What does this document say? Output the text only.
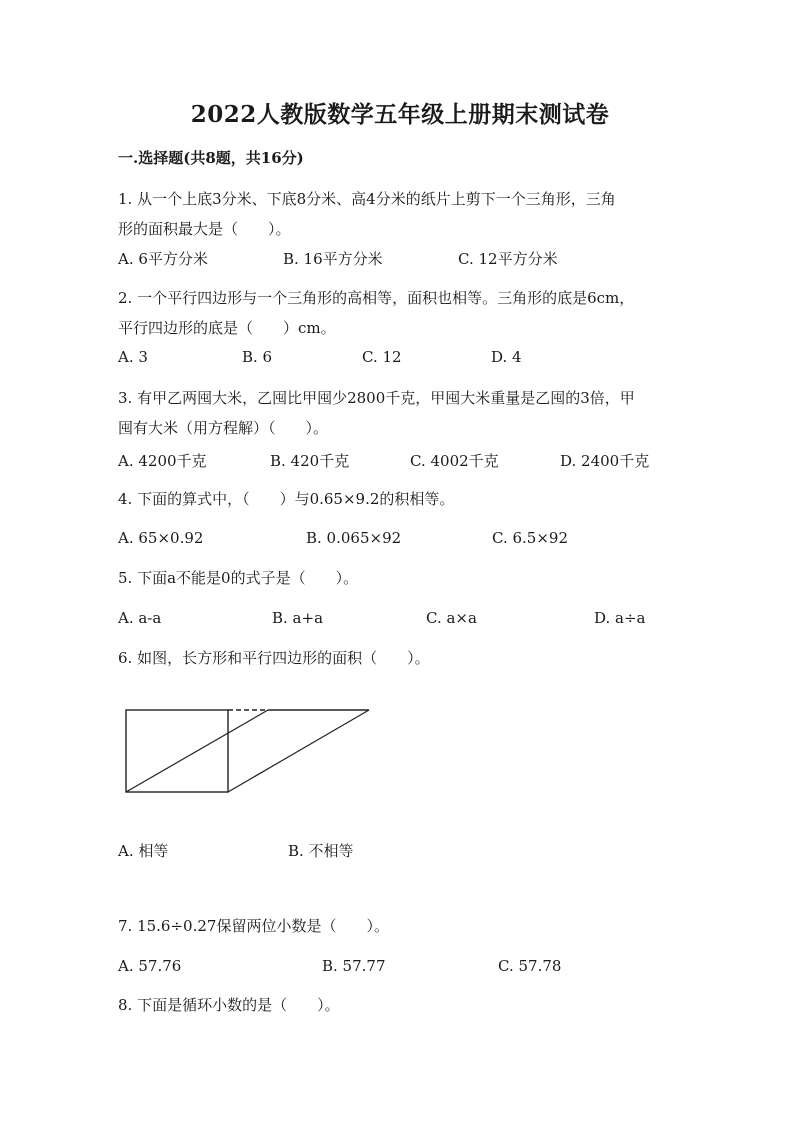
2022人教版数学五年级上册期末测试卷
一.选择题(共8题，共16分)
1. 从一个上底3分米、下底8分米、高4分米的纸片上剪下一个三角形，三角
形的面积最大是（　　）。
A. 6平方分米	B. 16平方分米	C. 12平方分米
2. 一个平行四边形与一个三角形的高相等，面积也相等。三角形的底是6cm，
平行四边形的底是（　　）cm。
A. 3	B. 6	C. 12	D. 4
3. 有甲乙两囤大米，乙囤比甲囤少2800千克，甲囤大米重量是乙囤的3倍，甲
囤有大米（用方程解）（　　）。
A. 4200千克	B. 420千克	C. 4002千克	D. 2400千克
4. 下面的算式中，（　　）与0.65×9.2的积相等。
A. 65×0.92	B. 0.065×92	C. 6.5×92
5. 下面a不能是0的式子是（　　）。
A. a-a	B. a+a	C. a×a	D. a÷a
6. 如图，长方形和平行四边形的面积（　　）。
A. 相等	B. 不相等
7. 15.6÷0.27保留两位小数是（　　）。
A. 57.76	B. 57.77	C. 57.78
8. 下面是循环小数的是（　　）。
